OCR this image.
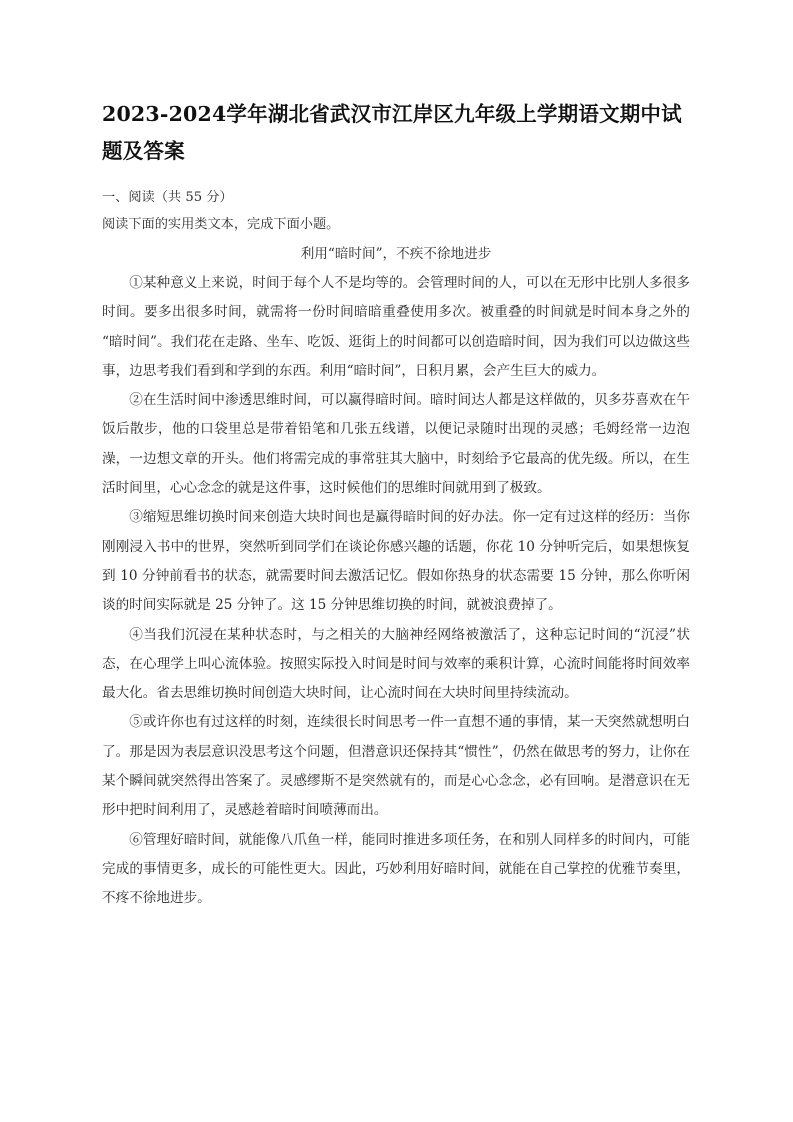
2023-2024学年湖北省武汉市江岸区九年级上学期语文期中试题及答案

一、阅读（共 55 分）

阅读下面的实用类文本，完成下面小题。

利用“暗时间”，不疾不徐地进步

①某种意义上来说，时间于每个人不是均等的。会管理时间的人，可以在无形中比别人多很多时间。要多出很多时间，就需将一份时间暗暗重叠使用多次。被重叠的时间就是时间本身之外的“暗时间”。我们花在走路、坐车、吃饭、逛街上的时间都可以创造暗时间，因为我们可以边做这些事，边思考我们看到和学到的东西。利用“暗时间”，日积月累，会产生巨大的威力。

②在生活时间中渗透思维时间，可以赢得暗时间。暗时间达人都是这样做的，贝多芬喜欢在午饭后散步，他的口袋里总是带着铅笔和几张五线谱，以便记录随时出现的灵感；毛姆经常一边泡澡，一边想文章的开头。他们将需完成的事常驻其大脑中，时刻给予它最高的优先级。所以，在生活时间里，心心念念的就是这件事，这时候他们的思维时间就用到了极致。

③缩短思维切换时间来创造大块时间也是赢得暗时间的好办法。你一定有过这样的经历：当你刚刚浸入书中的世界，突然听到同学们在谈论你感兴趣的话题，你花 10 分钟听完后，如果想恢复到 10 分钟前看书的状态，就需要时间去激活记忆。假如你热身的状态需要 15 分钟，那么你听闲谈的时间实际就是 25 分钟了。这 15 分钟思维切换的时间，就被浪费掉了。

④当我们沉浸在某种状态时，与之相关的大脑神经网络被激活了，这种忘记时间的“沉浸”状态，在心理学上叫心流体验。按照实际投入时间是时间与效率的乘积计算，心流时间能将时间效率最大化。省去思维切换时间创造大块时间，让心流时间在大块时间里持续流动。

⑤或许你也有过这样的时刻，连续很长时间思考一件一直想不通的事情，某一天突然就想明白了。那是因为表层意识没思考这个问题，但潜意识还保持其“惯性”，仍然在做思考的努力，让你在某个瞬间就突然得出答案了。灵感缪斯不是突然就有的，而是心心念念，必有回响。是潜意识在无形中把时间利用了，灵感趁着暗时间喷薄而出。

⑥管理好暗时间，就能像八爪鱼一样，能同时推进多项任务，在和别人同样多的时间内，可能完成的事情更多，成长的可能性更大。因此，巧妙利用好暗时间，就能在自己掌控的优雅节奏里，不疼不徐地进步。
